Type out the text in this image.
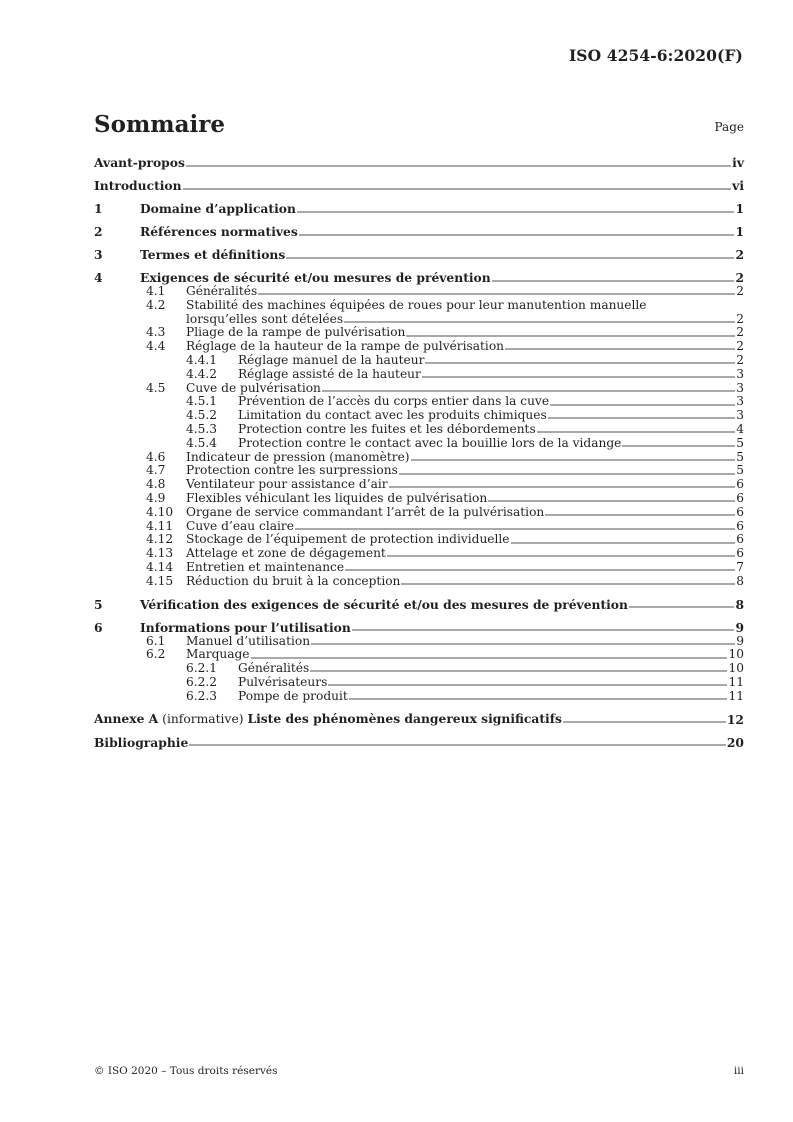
ISO 4254-6:2020(F)
Sommaire	Page
Avant-propos	iv
Introduction	vi
1	Domaine d’application	1
2	Références normatives	1
3	Termes et définitions	2
4	Exigences de sécurité et/ou mesures de prévention	2
4.1	Généralités	2
4.2	Stabilité des machines équipées de roues pour leur manutention manuelle
lorsqu’elles sont dételées	2
4.3	Pliage de la rampe de pulvérisation	2
4.4	Réglage de la hauteur de la rampe de pulvérisation	2
4.4.1	Réglage manuel de la hauteur	2
4.4.2	Réglage assisté de la hauteur	3
4.5	Cuve de pulvérisation	3
4.5.1	Prévention de l’accès du corps entier dans la cuve	3
4.5.2	Limitation du contact avec les produits chimiques	3
4.5.3	Protection contre les fuites et les débordements	4
4.5.4	Protection contre le contact avec la bouillie lors de la vidange	5
4.6	Indicateur de pression (manomètre)	5
4.7	Protection contre les surpressions	5
4.8	Ventilateur pour assistance d’air	6
4.9	Flexibles véhiculant les liquides de pulvérisation	6
4.10	Organe de service commandant l’arrêt de la pulvérisation	6
4.11	Cuve d’eau claire	6
4.12	Stockage de l’équipement de protection individuelle	6
4.13	Attelage et zone de dégagement	6
4.14	Entretien et maintenance	7
4.15	Réduction du bruit à la conception	8
5	Vérification des exigences de sécurité et/ou des mesures de prévention	8
6	Informations pour l’utilisation	9
6.1	Manuel d’utilisation	9
6.2	Marquage	10
6.2.1	Généralités	10
6.2.2	Pulvérisateurs	11
6.2.3	Pompe de produit	11
Annexe A (informative) Liste des phénomènes dangereux significatifs	12
Bibliographie	20
© ISO 2020 – Tous droits réservés	iii
